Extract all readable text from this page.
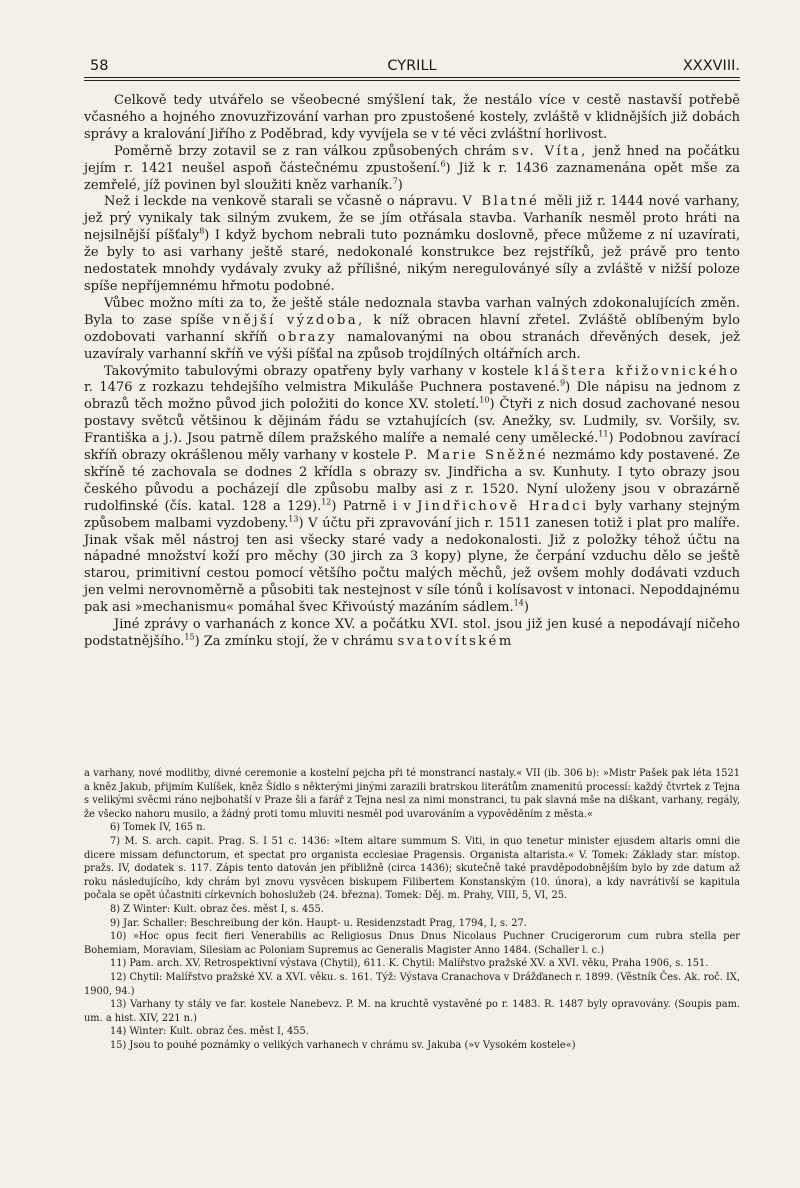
58	CYRILL	XXXVIII.

Celkově tedy utvářelo se všeobecné smýšlení tak, že nestálo více v cestě nastavší potřebě včasného a hojného znovuzřizování varhan pro zpustošené kostely, zvláště v klidnějších již dobách správy a kralování Jiřího z Poděbrad, kdy vyvíjela se v té věci zvláštní horlivost.

Poměrně brzy zotavil se z ran válkou způsobených chrám sv. Víta, jenž hned na počátku jejím r. 1421 neušel aspoň částečnému zpustošení.$^6$) Již k r. 1436 zaznamenána opět mše za zemřelé, jíž povinen byl sloužiti kněz varhaník.$^7$)

Než i leckde na venkově starali se včasně o nápravu. V Blatné měli již r. 1444 nové varhany, jež prý vynikaly tak silným zvukem, že se jím otřásala stavba. Varhaník nesměl proto hráti na nejsilnější píšťaly$^8$) I když bychom nebrali tuto poznámku doslovně, přece můžeme z ní uzavírati, že byly to asi varhany ještě staré, nedokonalé konstrukce bez rejstříků, jež právě pro tento nedostatek mnohdy vydávaly zvuky až přílišné, nikým nereguloványé síly a zvláště v nižší poloze spíše nepříjemnému hřmotu podobné.

Vůbec možno míti za to, že ještě stále nedoznala stavba varhan valných zdokonalujících změn. Byla to zase spíše vnější výzdoba, k níž obracen hlavní zřetel. Zvláště oblíbeným bylo ozdobovati varhanní skříň obrazy namalovanými na obou stranách dřevěných desek, jež uzavíraly varhanní skříň ve výši píšťal na způsob trojdílných oltářních arch.

Takovýmito tabulovými obrazy opatřeny byly varhany v kostele kláštera křižovnického r. 1476 z rozkazu tehdejšího velmistra Mikuláše Puchnera postavené.$^9$) Dle nápisu na jednom z obrazů těch možno původ jich položiti do konce XV. století.$^{10}$) Čtyři z nich dosud zachované nesou postavy světců většinou k dějinám řádu se vztahujících (sv. Anežky, sv. Ludmily, sv. Voršily, sv. Františka a j.). Jsou patrně dílem pražského malíře a nemalé ceny umělecké.$^{11}$) Podobnou zavírací skříň obrazy okrášlenou měly varhany v kostele P. Marie Sněžné nezmámo kdy postavené. Ze skříně té zachovala se dodnes 2 křídla s obrazy sv. Jindřicha a sv. Kunhuty. I tyto obrazy jsou českého původu a pocházejí dle způsobu malby asi z r. 1520. Nyní uloženy jsou v obrazárně rudolfinské (čís. katal. 128 a 129).$^{12}$) Patrně i v Jindřichově Hradci byly varhany stejným způsobem malbami vyzdobeny.$^{13}$) V účtu při zpravování jich r. 1511 zanesen totiž i plat pro malíře. Jinak však měl nástroj ten asi všecky staré vady a nedokonalosti. Již z položky téhož účtu na nápadné množství koží pro měchy (30 jirch za 3 kopy) plyne, že čerpání vzduchu dělo se ještě starou, primitivní cestou pomocí většího počtu malých měchů, jež ovšem mohly dodávati vzduch jen velmi nerovnoměrně a působiti tak nestejnost v síle tónů i kolísavost v intonaci. Nepoddajnému pak asi »mechanismu« pomáhal švec Křivoústý mazáním sádlem.$^{14}$)

Jiné zprávy o varhanách z konce XV. a počátku XVI. stol. jsou již jen kusé a nepodávají ničeho podstatnějšího.$^{15}$) Za zmínku stojí, že v chrámu svatovítském

a varhany, nové modlitby, divné ceremonie a kostelní pejcha při té monstrancí nastaly.« VII (ib. 306 b): »Mistr Pašek pak léta 1521 a kněz Jakub, přijmím Kulíšek, kněz Šídlo s některými jinými zarazili bratrskou literátům znamenitú processí: každý čtvrtek z Tejna s velikými svěcmi ráno nejbohatší v Praze šli a farář z Tejna nesl za nimi monstranci, tu pak slavná mše na diškant, varhany, regály, že všecko nahoru musilo, a žádný proti tomu mluviti nesměl pod uvarováním a vypověděním z města.«

6) Tomek IV, 165 n.

7) M. S. arch. capit. Prag. S. I 51 c. 1436: »Item altare summum S. Viti, in quo tenetur minister ejusdem altaris omni die dicere missam defunctorum, et spectat pro organista ecclesiae Pragensis. Organista altarista.« V. Tomek: Základy star. místop. pražs. IV, dodatek s. 117. Zápis tento datován jen přibližně (circa 1436); skutečně také pravděpodobnějším bylo by zde datum až roku následujícího, kdy chrám byl znovu vysvěcen biskupem Filibertem Konstanským (10. února), a kdy navrátivší se kapitula počala se opět účastniti církevních bohoslužeb (24. března). Tomek: Děj. m. Prahy, VIII, 5, VI, 25.

8) Z Winter: Kult. obraz čes. měst I, s. 455.

9) Jar. Schaller: Beschreibung der kön. Haupt- u. Residenzstadt Prag, 1794, I, s. 27.

10) »Hoc opus fecit fieri Venerabilis ac Religiosus Dnus Dnus Nicolaus Puchner Crucigerorum cum rubra stella per Bohemiam, Moraviam, Silesiam ac Poloniam Supremus ac Generalis Magister Anno 1484. (Schaller l. c.)

11) Pam. arch. XV. Retrospektivní výstava (Chytil), 611. K. Chytil: Malířstvo pražské XV. a XVI. věku, Praha 1906, s. 151.

12) Chytil: Malířstvo pražské XV. a XVI. věku. s. 161. Týž: Výstava Cranachova v Drážďanech r. 1899. (Věstník Čes. Ak. roč. IX, 1900, 94.)

13) Varhany ty stály ve far. kostele Nanebevz. P. M. na kruchtě vystavěné po r. 1483. R. 1487 byly opravovány. (Soupis pam. um. a hist. XIV, 221 n.)

14) Winter: Kult. obraz čes. měst I, 455.

15) Jsou to pouhé poznámky o velikých varhanech v chrámu sv. Jakuba (»v Vysokém kostele«)
